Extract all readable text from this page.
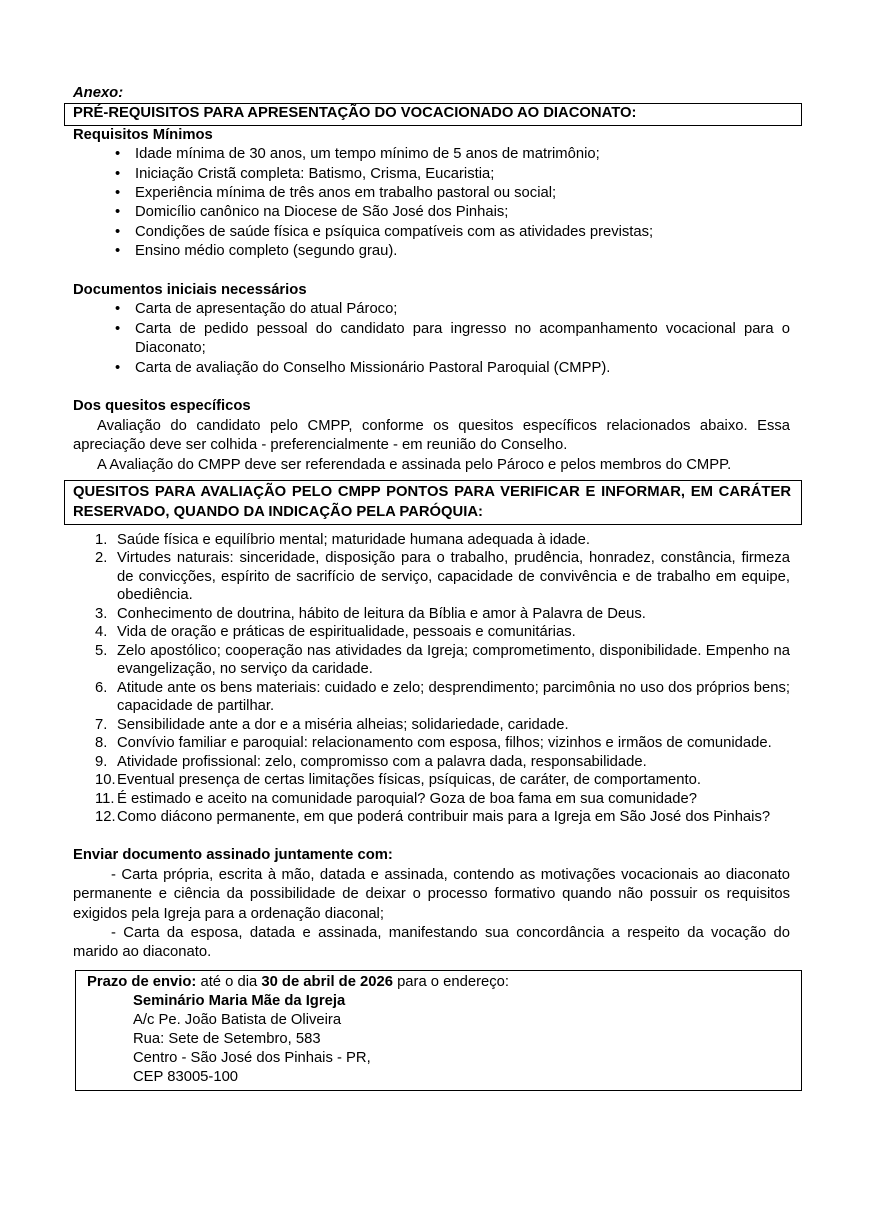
Anexo:
PRÉ-REQUISITOS PARA APRESENTAÇÃO DO VOCACIONADO AO DIACONATO:
Requisitos Mínimos
•	Idade mínima de 30 anos, um tempo mínimo de 5 anos de matrimônio;
•	Iniciação Cristã completa: Batismo, Crisma, Eucaristia;
•	Experiência mínima de três anos em trabalho pastoral ou social;
•	Domicílio canônico na Diocese de São José dos Pinhais;
•	Condições de saúde física e psíquica compatíveis com as atividades previstas;
•	Ensino médio completo (segundo grau).
Documentos iniciais necessários
•	Carta de apresentação do atual Pároco;
•	Carta de pedido pessoal do candidato para ingresso no acompanhamento vocacional para o Diaconato;
•	Carta de avaliação do Conselho Missionário Pastoral Paroquial (CMPP).
Dos quesitos específicos
Avaliação do candidato pelo CMPP, conforme os quesitos específicos relacionados abaixo. Essa apreciação deve ser colhida - preferencialmente - em reunião do Conselho.
A Avaliação do CMPP deve ser referendada e assinada pelo Pároco e pelos membros do CMPP.
QUESITOS PARA AVALIAÇÃO PELO CMPP PONTOS PARA VERIFICAR E INFORMAR, EM CARÁTER RESERVADO, QUANDO DA INDICAÇÃO PELA PARÓQUIA:
1. Saúde física e equilíbrio mental; maturidade humana adequada à idade.
2. Virtudes naturais: sinceridade, disposição para o trabalho, prudência, honradez, constância, firmeza de convicções, espírito de sacrifício de serviço, capacidade de convivência e de trabalho em equipe, obediência.
3. Conhecimento de doutrina, hábito de leitura da Bíblia e amor à Palavra de Deus.
4. Vida de oração e práticas de espiritualidade, pessoais e comunitárias.
5. Zelo apostólico; cooperação nas atividades da Igreja; comprometimento, disponibilidade. Empenho na evangelização, no serviço da caridade.
6. Atitude ante os bens materiais: cuidado e zelo; desprendimento; parcimônia no uso dos próprios bens; capacidade de partilhar.
7. Sensibilidade ante a dor e a miséria alheias; solidariedade, caridade.
8. Convívio familiar e paroquial: relacionamento com esposa, filhos; vizinhos e irmãos de comunidade.
9. Atividade profissional: zelo, compromisso com a palavra dada, responsabilidade.
10. Eventual presença de certas limitações físicas, psíquicas, de caráter, de comportamento.
11. É estimado e aceito na comunidade paroquial? Goza de boa fama em sua comunidade?
12. Como diácono permanente, em que poderá contribuir mais para a Igreja em São José dos Pinhais?
Enviar documento assinado juntamente com:
- Carta própria, escrita à mão, datada e assinada, contendo as motivações vocacionais ao diaconato permanente e ciência da possibilidade de deixar o processo formativo quando não possuir os requisitos exigidos pela Igreja para a ordenação diaconal;
- Carta da esposa, datada e assinada, manifestando sua concordância a respeito da vocação do marido ao diaconato.
Prazo de envio: até o dia 30 de abril de 2026 para o endereço:
Seminário Maria Mãe da Igreja
A/c Pe. João Batista de Oliveira
Rua: Sete de Setembro, 583
Centro - São José dos Pinhais - PR,
CEP 83005-100
